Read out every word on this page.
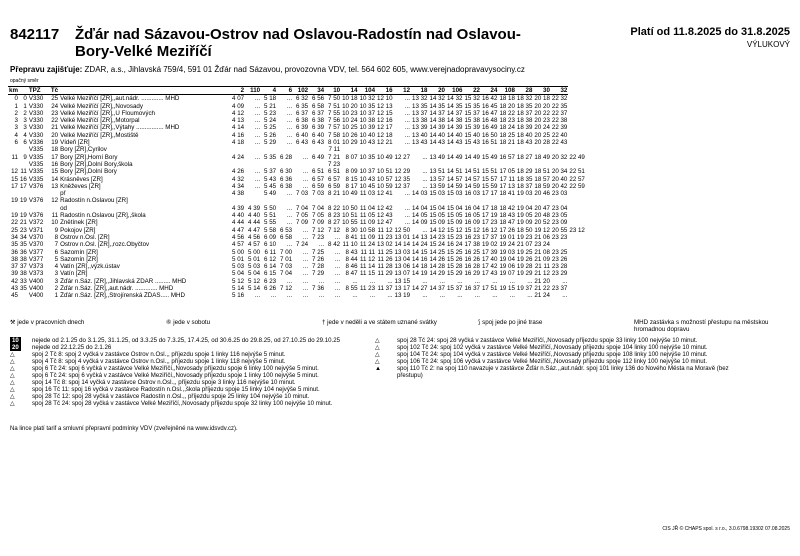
842117 Žďár nad Sázavou-Ostrov nad Oslavou-Radostín nad Oslavou-Bory-Velké Meziříčí
Platí od 11.8.2025 do 31.8.2025
VÝLUKOVÝ
Přepravu zajišťuje: ZDAR, a.s., Jihlavská 759/4, 591 01 Žďár nad Sázavou, provozovna VDV, tel. 564 602 605, www.verejnadopravavysociny.cz
opačný směr
km		TPZ	Tč		2	110	4	6	102	34	10	14	104	16	12	18	20	106	22	24	108	28	30	32	
0	0	V330	25	Velké Meziříčí [ZR],,aut.nádr. ............. MHD	4 07	...	5 18	...	6 32	6 56	7 50	10 18	10 32	12 10	...	13 32	14 32	14 32	15 32	16 42	18 18	18 32	20 18	22 32	
1	1	V330	24	Velké Meziříčí [ZR],,Novosady	4 09	...	5 21	...	6 35	6 58	7 51	10 20	10 35	12 13	...	13 35	14 35	14 35	15 35	16 45	18 20	18 35	20 20	22 35	
2	2	V330	23	Velké Meziříčí [ZR],,U Floumových	4 12	...	5 23	...	6 37	6 37	7 55	10 23	10 37	12 15	...	13 37	14 37	14 37	15 37	16 47	18 22	18 37	20 22	22 37	
3	3	V330	22	Velké Meziříčí [ZR],,Motorpal	4 13	...	5 24	...	6 38	6 38	7 56	10 24	10 38	12 16	...	13 38	14 38	14 38	15 38	16 48	18 23	18 38	20 23	22 38	
3	3	V330	21	Velké Meziříčí [ZR],,Výtahy ................ MHD	4 14	...	5 25	...	6 39	6 39	7 57	10 25	10 39	12 17	...	13 39	14 39	14 39	15 39	16 49	18 24	18 39	20 24	22 39	
4	4	V330	20	Velké Meziříčí [ZR],,Mostiště	4 16	...	5 26	...	6 40	6 40	7 58	10 26	10 40	12 18	...	13 40	14 40	14 40	15 40	16 50	18 25	18 40	20 25	22 40	
6	6	V336	19	Vídeň [ZR]	4 18	...	5 29	...	6 43	6 43	8 01	10 29	10 43	12 21	...	13 43	14 43	14 43	15 43	16 51	18 21	18 43	20 28	22 43	
		V335	18	Bory [ZR],Cyrilov							7 11														
11	9	V335	17	Bory [ZR],Horní Bory	4 24	...	5 35	6 28	...	6 49	7 21	8 07	10 35	10 49	12 27	...	13 49	14 49	14 49	15 49	16 57	18 27	18 49	20 32	22 49
		V335	16	Bory [ZR],Dolní Bory,škola							7 23														
12	11	V335	15	Bory [ZR],Dolní Bory	4 26	...	5 37	6 30	...	6 51	6 51	8 09	10 37	10 51	12 29	...	13 51	14 51	14 51	15 51	17 05	18 29	18 51	20 34	22 51
15	16	V335	14	Krásněves [ZR]	4 32	...	5 43	6 36	...	6 57	6 57	8 15	10 43	10 57	12 35	...	13 57	14 57	14 57	15 57	17 11	18 35	18 57	20 40	22 57
17	17	V376	13	Kněževes [ZR]	4 34	...	5 45	6 38	...	6 59	6 59	8 17	10 45	10 59	12 37	...	13 59	14 59	14 59	15 59	17 13	18 37	18 59	20 42	22 59
				př	4 38		5 49	...	7 03	7 03	8 21	10 49	11 03	12 41	...	14 03	15 03	15 03	16 03	17 17	18 41	19 03	20 46	23 03	
19	19	V376	12	Radostín n.Oslavou [ZR]																					
				od	4 39	4 39	5 50	...	7 04	7 04	8 22	10 50	11 04	12 42	...	14 04	15 04	15 04	16 04	17 18	18 42	19 04	20 47	23 04	
19	19	V376	11	Radostín n.Oslavou [ZR],,škola	4 40	4 40	5 51	...	7 05	7 05	8 23	10 51	11 05	12 43	...	14 05	15 05	15 05	16 05	17 19	18 43	19 05	20 48	23 05	
22	21	V372	10	Znětínek [ZR]	4 44	4 44	5 55	...	7 09	7 09	8 27	10 55	11 09	12 47	...	14 09	15 09	15 09	16 09	17 23	18 47	19 09	20 52	23 09	
25	23	V371	9	Pokojov [ZR]	4 47	4 47	5 58	6 53	...	7 12	7 12	8 30	10 58	11 12	12 50	...	14 12	15 12	15 12	16 12	17 26	18 50	19 12	20 55	23 12
34	34	V370	8	Ostrov n.Osl. [ZR]	4 56	4 56	6 09	6 58	...	7 23	...	8 41	11 09	11 23	13 01	14 13	14 23	15 23	16 23	17 37	19 01	19 23	21 06	23 23	
35	35	V370	7	Ostrov n.Osl. [ZR],,rozc.Obyčtov	4 57	4 57	6 10	...	7 24	...	8 42	11 10	11 24	13 02	14 14	14 24	15 24	16 24	17 38	19 02	19 24	21 07	23 24		
36	36	V377	6	Sazomín [ZR]	5 00	5 00	6 11	7 00	...	7 25	...	8 43	11 11	11 25	13 03	14 15	14 25	15 25	16 25	17 39	19 03	19 25	21 08	23 25	
38	38	V377	5	Sazomín [ZR]	5 01	5 01	6 12	7 01	...	7 26	...	8 44	11 12	11 26	13 04	14 16	14 26	15 26	16 26	17 40	19 04	19 26	21 09	23 26	
37	37	V373	4	Vatín [ZR],,výzk.ústav	5 03	5 03	6 14	7 03	...	7 28	...	8 46	11 14	11 28	13 06	14 18	14 28	15 28	16 28	17 42	19 06	19 28	21 11	23 28	
39	38	V373	3	Vatín [ZR]	5 04	5 04	6 15	7 04	...	7 29	...	8 47	11 15	11 29	13 07	14 19	14 29	15 29	16 29	17 43	19 07	19 29	21 12	23 29	
42	33	V400	3	Žďár n.Sáz. [ZR],,Jihlavská ZDAR ......... MHD	5 12	5 12	6 23	...	...	...	...	...	...	...	13 15	...	...	...	...	...	...	...	21 20	...	
43	35	V400	2	Žďár n.Sáz. [ZR],,aut.nádr. ............. MHD	5 14	5 14	6 26	7 12	...	7 36	...	8 55	11 23	11 37	13 17	14 27	14 37	15 37	16 37	17 51	19 15	19 37	21 22	23 37	
45		V400	1	Žďár n.Sáz. [ZR],,Strojírenská ŽĎAS..... MHD	5 16	...	...	...	...	...	...	...	...	...	13 19	...	...	...	...	...	...	...	21 24	...	
⚒ jede v pracovních dnech	⑥ jede v sobotu	† jede v neděli a ve státem uznané svátky	⟆ spoj jede po jiné trase	MHD zastávka s možností přestupu na městskou hromadnou dopravu
10	nejede od 2.1.25 do 3.1.25, 31.1.25, od 3.3.25 do 7.3.25, 17.4.25, od 30.6.25 do 29.8.25, od 27.10.25 do 29.10.25
20	nejede od 22.12.25 do 2.1.26
△	spoj 2 Tč 8: spoj 2 vyčká v zastávce Ostrov n.Osl.,, příjezdu spoje 1 linky 116 nejvýše 5 minut.
△	spoj 4 Tč 8: spoj 4 vyčká v zastávce Ostrov n.Osl.,, příjezdu spoje 1 linky 118 nejvýše 5 minut.
△	spoj 6 Tč 24: spoj 6 vyčká v zastávce Velké Meziříčí,,Novosady příjezdu spoje 6 linky 100 nejvýše 5 minut.
△	spoj 6 Tč 24: spoj 6 vyčká v zastávce Velké Meziříčí,,Novosady příjezdu spoje 1 linky 100 nejvýše 5 minut.
△	spoj 14 Tč 8: spoj 14 vyčká v zastávce Ostrov n.Osl.,, příjezdu spoje 3 linky 116 nejvýše 10 minut.
△	spoj 16 Tč 11: spoj 16 vyčká v zastávce Radostín n.Osl.,,škola příjezdu spoje 15 linky 104 nejvýše 5 minut.
△	spoj 28 Tč 12: spoj 28 vyčká v zastávce Radostín n.Osl.,, příjezdu spoje 25 linky 104 nejvýše 10 minut.
△	spoj 28 Tč 24: spoj 28 vyčká v zastávce Velké Meziříčí,,Novosady příjezdu spoje 32 linky 100 nejvýše 10 minut.
△	spoj 28 Tč 24: spoj 28 vyčká v zastávce Velké Meziříčí,,Novosady příjezdu spoje 33 linky 100 nejvýše 10 minut.
△	spoj 102 Tč 24: spoj 102 vyčká v zastávce Velké Meziříčí,,Novosady příjezdu spoje 104 linky 100 nejvýše 10 minut.
△	spoj 104 Tč 24: spoj 104 vyčká v zastávce Velké Meziříčí,,Novosady příjezdu spoje 108 linky 100 nejvýše 10 minut.
△	spoj 106 Tč 24: spoj 106 vyčká v zastávce Velké Meziříčí,,Novosady příjezdu spoje 112 linky 100 nejvýše 10 minut.
▲	spoj 110 Tč 2: na spoj 110 navazuje v zastávce Žďár n.Sáz.,,aut.nádr. spoj 101 linky 136 do Nového Města na Moravě (bez přestupu)
Na lince platí tarif a smluvní přepravní podmínky VDV (zveřejněné na www.idsvdv.cz).
CIS JŘ © CHAPS spol. s r.o., 3.0.6798.19302 07.08.2025
